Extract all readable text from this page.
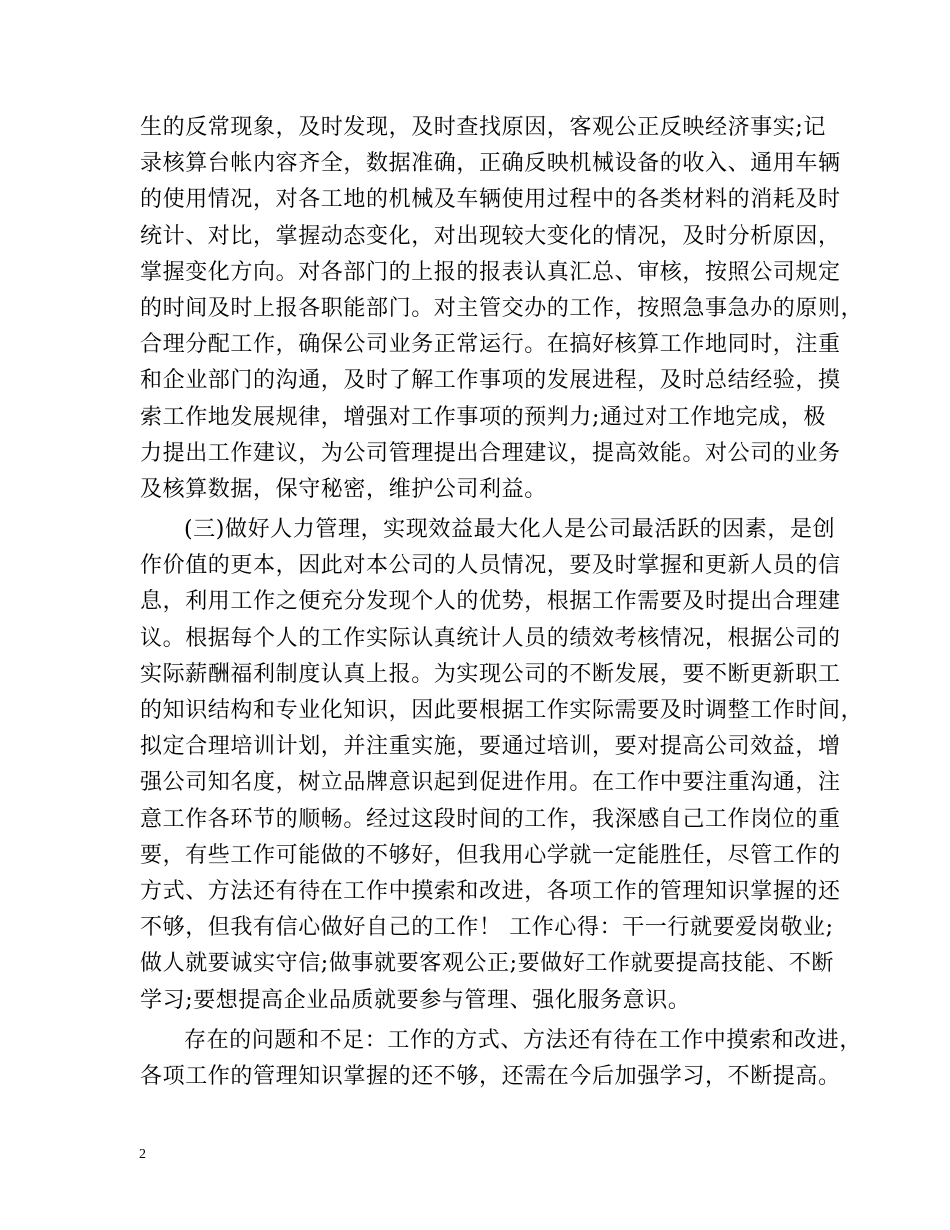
生的反常现象，及时发现，及时查找原因，客观公正反映经济事实;记
录核算台帐内容齐全，数据准确，正确反映机械设备的收入、通用车辆
的使用情况，对各工地的机械及车辆使用过程中的各类材料的消耗及时
统计、对比，掌握动态变化，对出现较大变化的情况，及时分析原因，
掌握变化方向。对各部门的上报的报表认真汇总、审核，按照公司规定
的时间及时上报各职能部门。对主管交办的工作，按照急事急办的原则，
合理分配工作，确保公司业务正常运行。在搞好核算工作地同时，注重
和企业部门的沟通，及时了解工作事项的发展进程，及时总结经验，摸
索工作地发展规律，增强对工作事项的预判力;通过对工作地完成，极
力提出工作建议，为公司管理提出合理建议，提高效能。对公司的业务
及核算数据，保守秘密，维护公司利益。
(三)做好人力管理，实现效益最大化人是公司最活跃的因素，是创
作价值的更本，因此对本公司的人员情况，要及时掌握和更新人员的信
息，利用工作之便充分发现个人的优势，根据工作需要及时提出合理建
议。根据每个人的工作实际认真统计人员的绩效考核情况，根据公司的
实际薪酬福利制度认真上报。为实现公司的不断发展，要不断更新职工
的知识结构和专业化知识，因此要根据工作实际需要及时调整工作时间，
拟定合理培训计划，并注重实施，要通过培训，要对提高公司效益，增
强公司知名度，树立品牌意识起到促进作用。在工作中要注重沟通，注
意工作各环节的顺畅。经过这段时间的工作，我深感自己工作岗位的重
要，有些工作可能做的不够好，但我用心学就一定能胜任，尽管工作的
方式、方法还有待在工作中摸索和改进，各项工作的管理知识掌握的还
不够，但我有信心做好自己的工作！ 工作心得：干一行就要爱岗敬业;
做人就要诚实守信;做事就要客观公正;要做好工作就要提高技能、不断
学习;要想提高企业品质就要参与管理、强化服务意识。
存在的问题和不足：工作的方式、方法还有待在工作中摸索和改进，
各项工作的管理知识掌握的还不够，还需在今后加强学习，不断提高。
2
